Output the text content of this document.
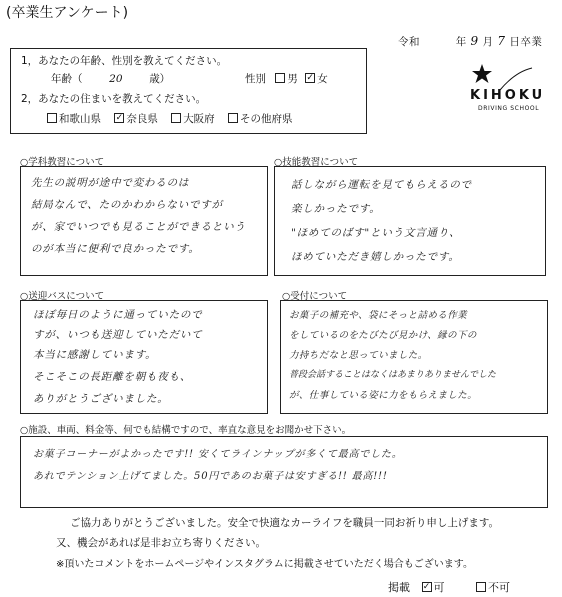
(卒業生アンケート)
令和	年 9 月 7 日卒業
1，あなたの年齢、性別を教えてください。
年齢（	20	歳）	性別 男 ✓ 女
2，あなたの住まいを教えてください。
和歌山県 ✓ 奈良県 大阪府 その他府県
KIHOKU
DRIVING SCHOOL
○学科教習について
先生の説明が途中で変わるのは
結局なんで、たのかわからないですが
が、家でいつでも見ることができるという
のが本当に便利で良かったです。
○技能教習について
話しながら運転を見てもらえるので
楽しかったです。
"ほめてのばす"という文言通り、
ほめていただき嬉しかったです。
○送迎バスについて
ほぼ毎日のように通っていたので
すが、いつも送迎していただいて
本当に感謝しています。
そこそこの長距離を朝も夜も、
ありがとうございました。
○受付について
お菓子の補充や、袋にそっと詰める作業
をしているのをたびたび見かけ、縁の下の
力持ちだなと思っていました。
普段会話することはなくはあまりありませんでした
が、仕事している姿に力をもらえました。
○施設、車両、料金等、何でも結構ですので、率直な意見をお聞かせ下さい。
お菓子コーナーがよかったです!! 安くてラインナップが多くて最高でした。
あれでテンション上げてました。50円であのお菓子は安すぎる!! 最高!!!
ご協力ありがとうございました。安全で快適なカーライフを職員一同お祈り申し上げます。
又、機会があれば是非お立ち寄りください。
※頂いたコメントをホームページやインスタグラムに掲載させていただく場合もございます。
掲載 ✓ 可	不可
